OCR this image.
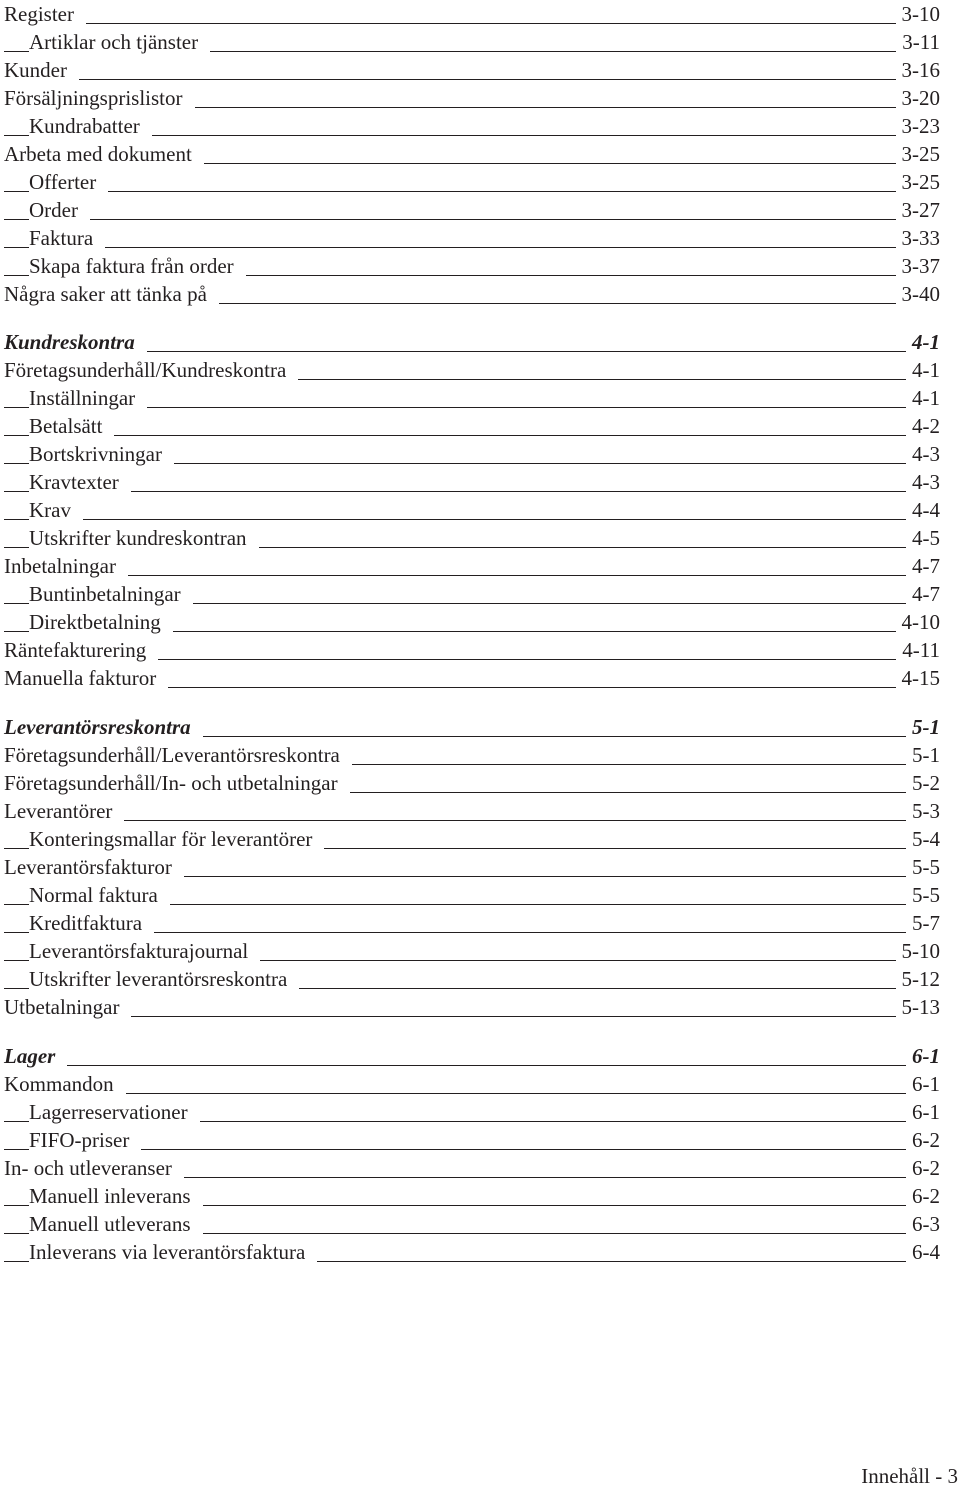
Register	3-10
Artiklar och tjänster	3-11
Kunder	3-16
Försäljningsprislistor	3-20
Kundrabatter	3-23
Arbeta med dokument	3-25
Offerter	3-25
Order	3-27
Faktura	3-33
Skapa faktura från order	3-37
Några saker att tänka på	3-40
Kundreskontra	4-1
Företagsunderhåll/Kundreskontra	4-1
Inställningar	4-1
Betalsätt	4-2
Bortskrivningar	4-3
Kravtexter	4-3
Krav	4-4
Utskrifter kundreskontran	4-5
Inbetalningar	4-7
Buntinbetalningar	4-7
Direktbetalning	4-10
Räntefakturering	4-11
Manuella fakturor	4-15
Leverantörsreskontra	5-1
Företagsunderhåll/Leverantörsreskontra	5-1
Företagsunderhåll/In- och utbetalningar	5-2
Leverantörer	5-3
Konteringsmallar för leverantörer	5-4
Leverantörsfakturor	5-5
Normal faktura	5-5
Kreditfaktura	5-7
Leverantörsfakturajournal	5-10
Utskrifter leverantörsreskontra	5-12
Utbetalningar	5-13
Lager	6-1
Kommandon	6-1
Lagerreservationer	6-1
FIFO-priser	6-2
In- och utleveranser	6-2
Manuell inleverans	6-2
Manuell utleverans	6-3
Inleverans via leverantörsfaktura	6-4
Innehåll - 3
